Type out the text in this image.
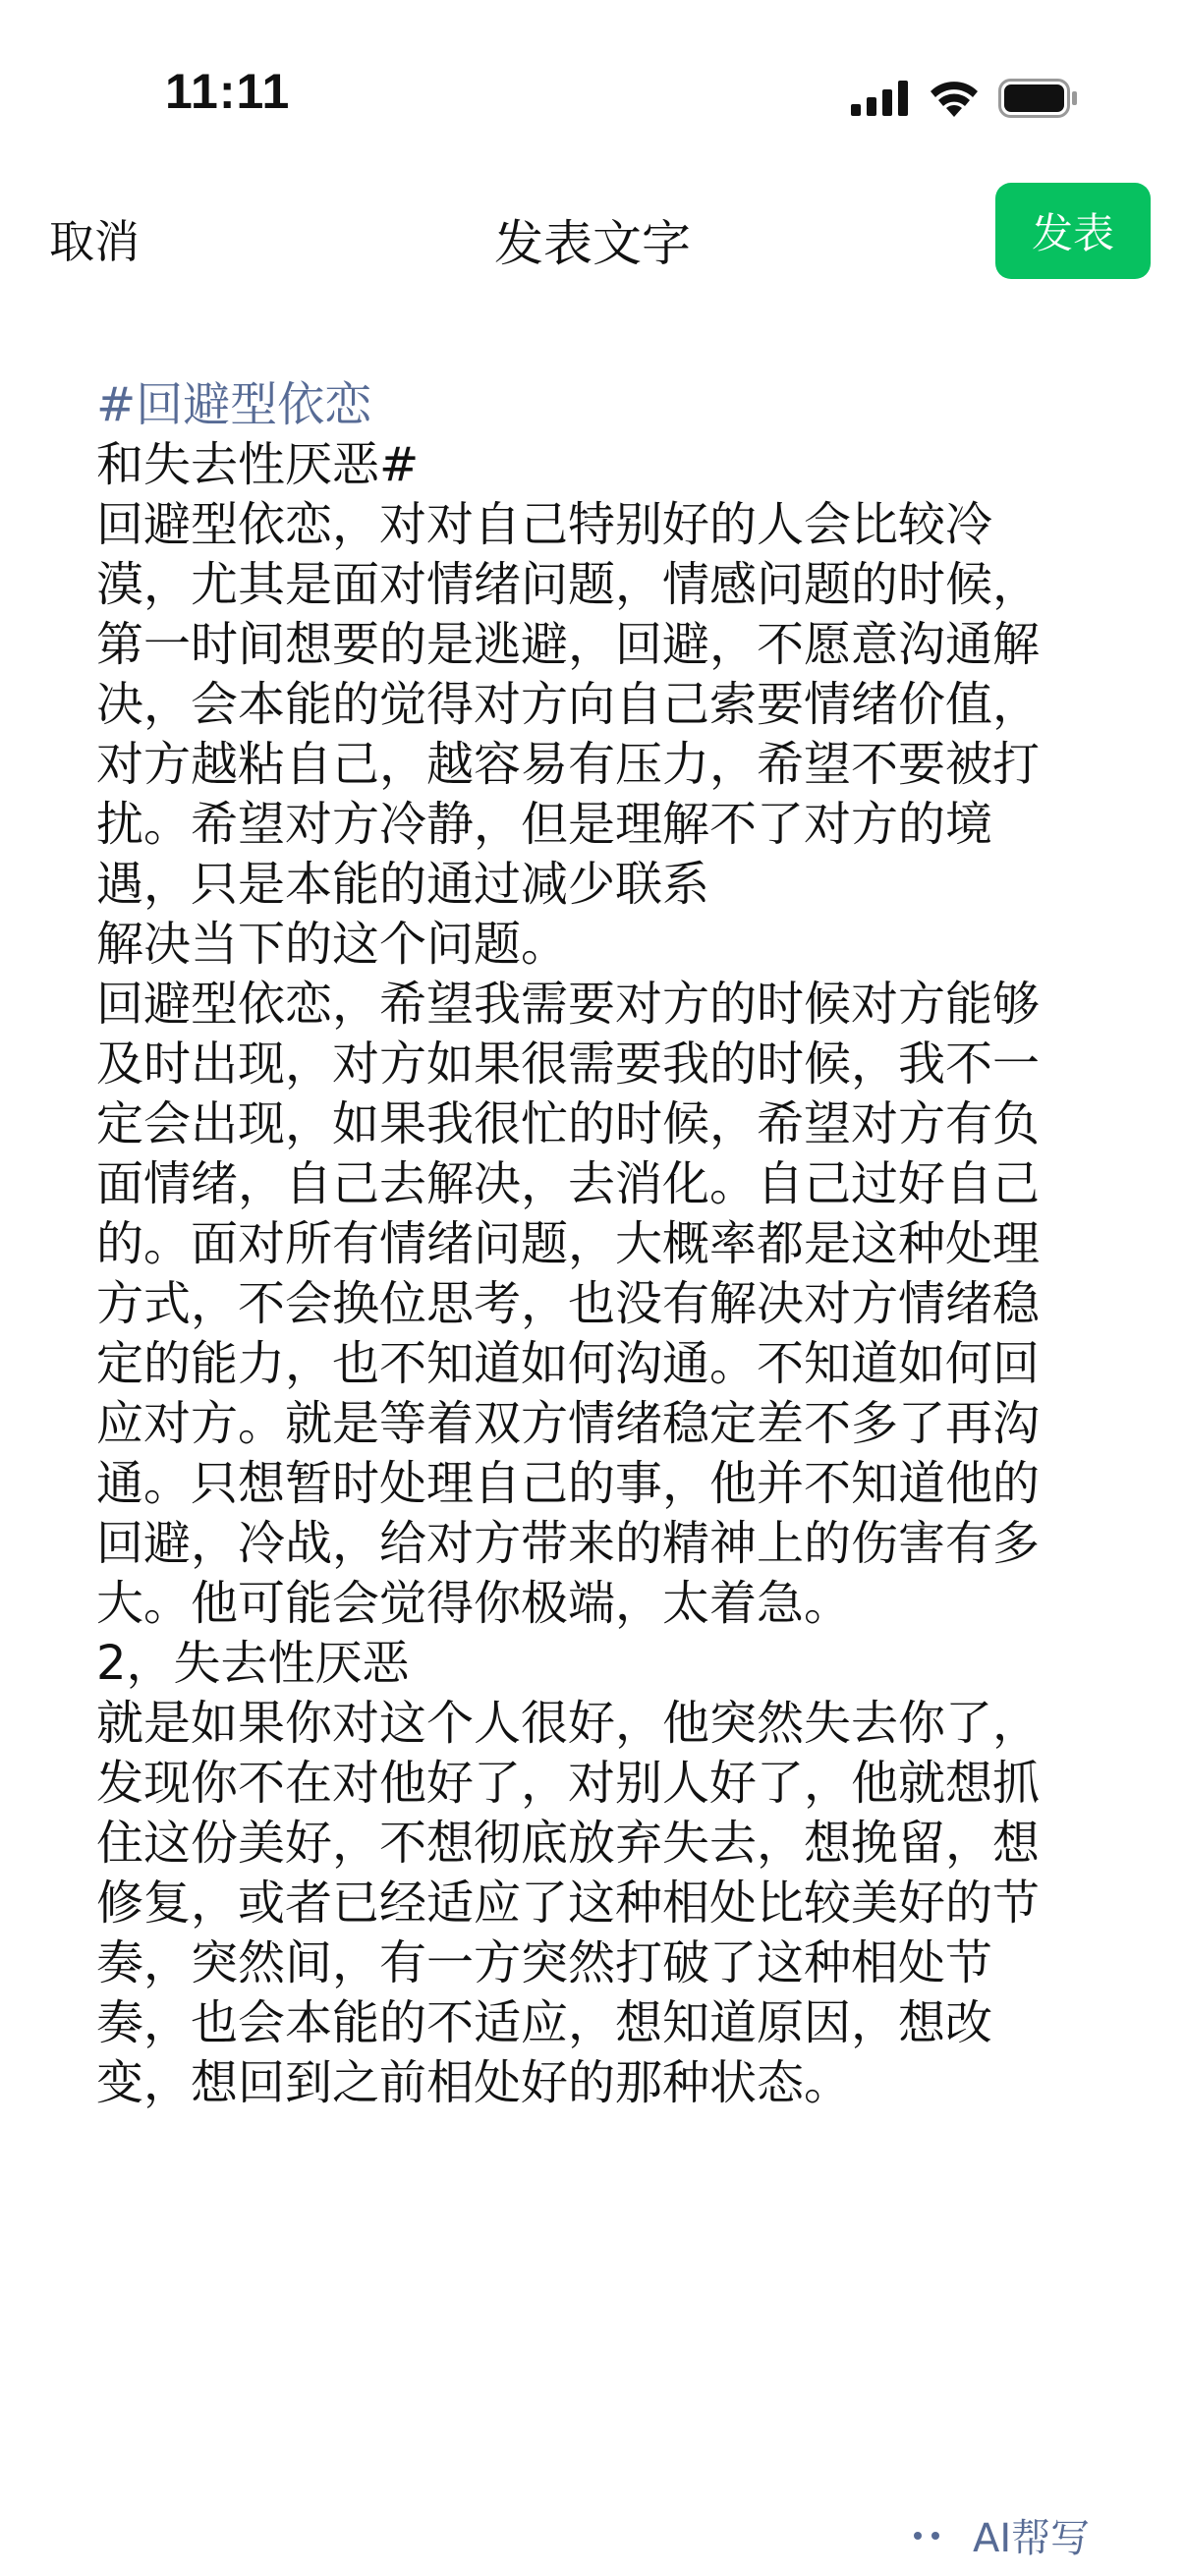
11:11
取消	发表文字	发表
#回避型依恋
和失去性厌恶#
回避型依恋，对对自己特别好的人会比较冷
漠，尤其是面对情绪问题，情感问题的时候，
第一时间想要的是逃避，回避，不愿意沟通解
决，会本能的觉得对方向自己索要情绪价值，
对方越粘自己，越容易有压力，希望不要被打
扰。希望对方冷静，但是理解不了对方的境
遇，只是本能的通过减少联系
解决当下的这个问题。
回避型依恋，希望我需要对方的时候对方能够
及时出现，对方如果很需要我的时候，我不一
定会出现，如果我很忙的时候，希望对方有负
面情绪，自己去解决，去消化。自己过好自己
的。面对所有情绪问题，大概率都是这种处理
方式，不会换位思考，也没有解决对方情绪稳
定的能力，也不知道如何沟通。不知道如何回
应对方。就是等着双方情绪稳定差不多了再沟
通。只想暂时处理自己的事，他并不知道他的
回避，冷战，给对方带来的精神上的伤害有多
大。他可能会觉得你极端，太着急。
2，失去性厌恶
就是如果你对这个人很好，他突然失去你了，
发现你不在对他好了，对别人好了，他就想抓
住这份美好，不想彻底放弃失去，想挽留，想
修复，或者已经适应了这种相处比较美好的节
奏，突然间，有一方突然打破了这种相处节
奏，也会本能的不适应，想知道原因，想改
变，想回到之前相处好的那种状态。
AI帮写
